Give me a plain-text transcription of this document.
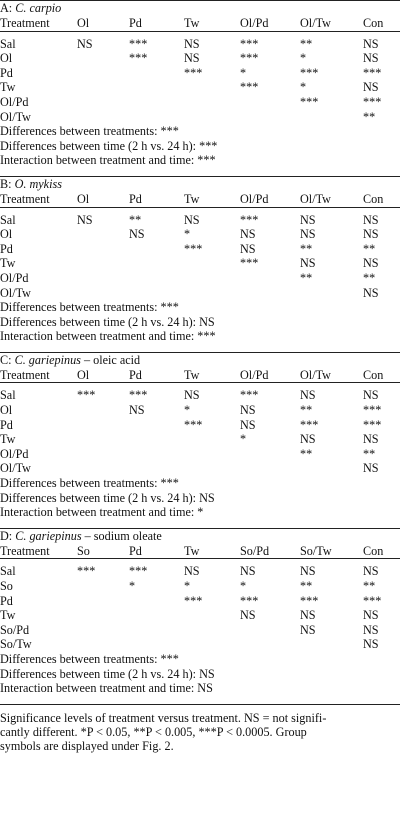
A: C. carpio
Treatment	Ol	Pd	Tw	Ol/Pd	Ol/Tw	Con

Sal	NS	***	NS	***	**	NS
Ol		***	NS	***	*	NS
Pd			***	*	***	***
Tw				***	*	NS
Ol/Pd					***	***
Ol/Tw						**
Differences between treatments: ***
Differences between time (2 h vs. 24 h): ***
Interaction between treatment and time: ***
B: O. mykiss
Treatment	Ol	Pd	Tw	Ol/Pd	Ol/Tw	Con

Sal	NS	**	NS	***	NS	NS
Ol		NS	*	NS	NS	NS
Pd			***	NS	**	**
Tw				***	NS	NS
Ol/Pd					**	**
Ol/Tw						NS
Differences between treatments: ***
Differences between time (2 h vs. 24 h): NS
Interaction between treatment and time: ***
C: C. gariepinus – oleic acid
Treatment	Ol	Pd	Tw	Ol/Pd	Ol/Tw	Con

Sal	***	***	NS	***	NS	NS
Ol		NS	*	NS	**	***
Pd			***	NS	***	***
Tw				*	NS	NS
Ol/Pd					**	**
Ol/Tw						NS
Differences between treatments: ***
Differences between time (2 h vs. 24 h): NS
Interaction between treatment and time: *
D: C. gariepinus – sodium oleate
Treatment	So	Pd	Tw	So/Pd	So/Tw	Con

Sal	***	***	NS	NS	NS	NS
So		*	*	*	**	**
Pd			***	***	***	***
Tw				NS	NS	NS
So/Pd					NS	NS
So/Tw						NS
Differences between treatments: ***
Differences between time (2 h vs. 24 h): NS
Interaction between treatment and time: NS
Significance levels of treatment versus treatment. NS = not signifi-
cantly different. *P < 0.05, **P < 0.005, ***P < 0.0005. Group
symbols are displayed under Fig. 2.
